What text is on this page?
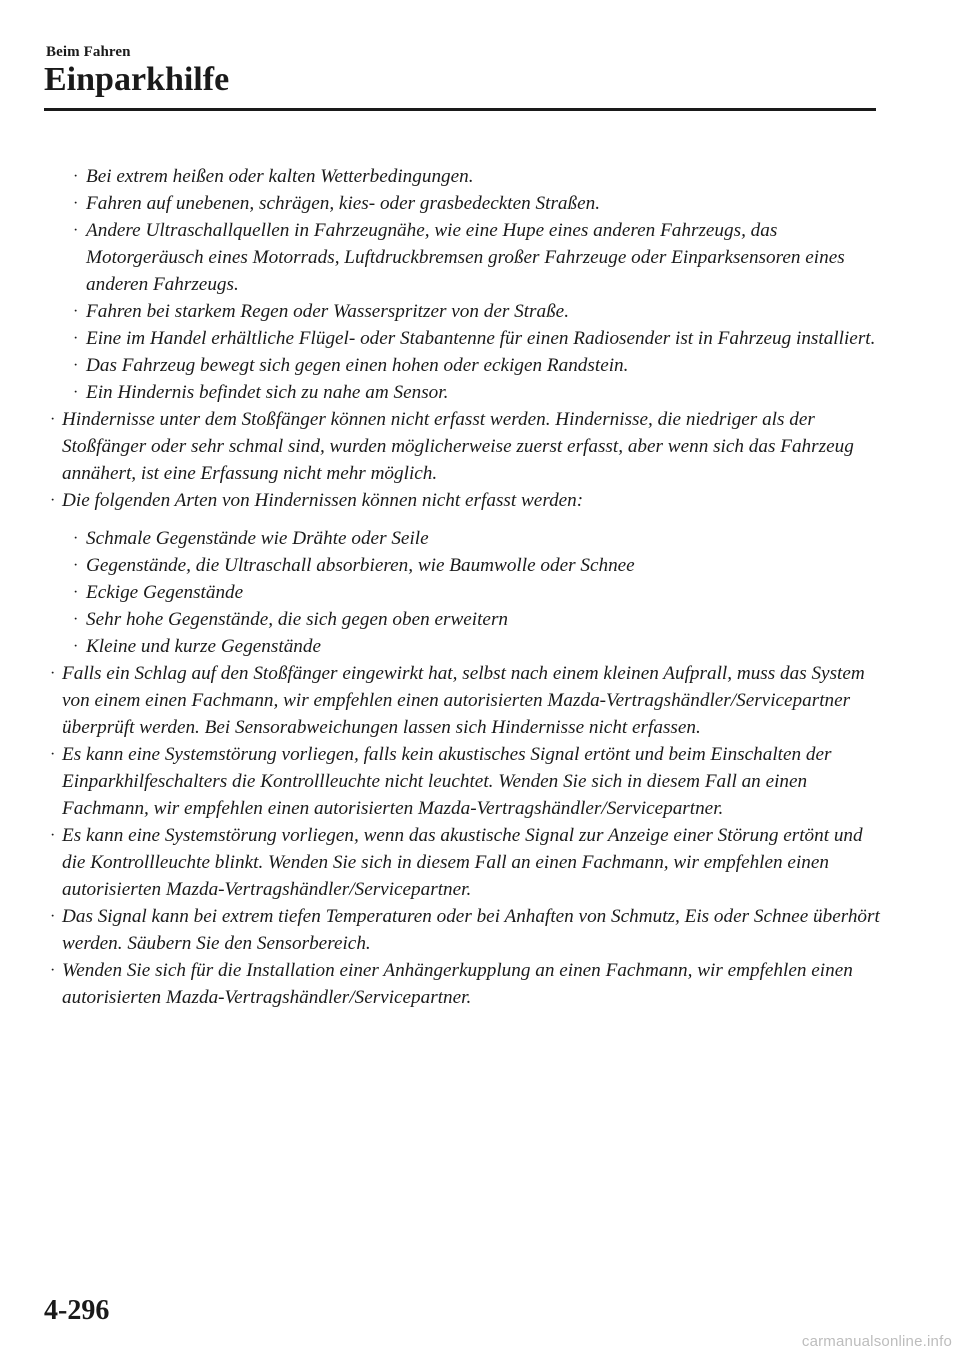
Beim Fahren
Einparkhilfe
· Bei extrem heißen oder kalten Wetterbedingungen.
· Fahren auf unebenen, schrägen, kies- oder grasbedeckten Straßen.
· Andere Ultraschallquellen in Fahrzeugnähe, wie eine Hupe eines anderen Fahrzeugs, das Motorgeräusch eines Motorrads, Luftdruckbremsen großer Fahrzeuge oder Einparksensoren eines anderen Fahrzeugs.
· Fahren bei starkem Regen oder Wasserspritzer von der Straße.
· Eine im Handel erhältliche Flügel- oder Stabantenne für einen Radiosender ist in Fahrzeug installiert.
· Das Fahrzeug bewegt sich gegen einen hohen oder eckigen Randstein.
· Ein Hindernis befindet sich zu nahe am Sensor.
· Hindernisse unter dem Stoßfänger können nicht erfasst werden. Hindernisse, die niedriger als der Stoßfänger oder sehr schmal sind, wurden möglicherweise zuerst erfasst, aber wenn sich das Fahrzeug annähert, ist eine Erfassung nicht mehr möglich.
· Die folgenden Arten von Hindernissen können nicht erfasst werden:
· Schmale Gegenstände wie Drähte oder Seile
· Gegenstände, die Ultraschall absorbieren, wie Baumwolle oder Schnee
· Eckige Gegenstände
· Sehr hohe Gegenstände, die sich gegen oben erweitern
· Kleine und kurze Gegenstände
· Falls ein Schlag auf den Stoßfänger eingewirkt hat, selbst nach einem kleinen Aufprall, muss das System von einem einen Fachmann, wir empfehlen einen autorisierten Mazda-Vertragshändler/Servicepartner überprüft werden. Bei Sensorabweichungen lassen sich Hindernisse nicht erfassen.
· Es kann eine Systemstörung vorliegen, falls kein akustisches Signal ertönt und beim Einschalten der Einparkhilfeschalters die Kontrollleuchte nicht leuchtet. Wenden Sie sich in diesem Fall an einen Fachmann, wir empfehlen einen autorisierten Mazda-Vertragshändler/Servicepartner.
· Es kann eine Systemstörung vorliegen, wenn das akustische Signal zur Anzeige einer Störung ertönt und die Kontrollleuchte blinkt. Wenden Sie sich in diesem Fall an einen Fachmann, wir empfehlen einen autorisierten Mazda-Vertragshändler/Servicepartner.
· Das Signal kann bei extrem tiefen Temperaturen oder bei Anhaften von Schmutz, Eis oder Schnee überhört werden. Säubern Sie den Sensorbereich.
· Wenden Sie sich für die Installation einer Anhängerkupplung an einen Fachmann, wir empfehlen einen autorisierten Mazda-Vertragshändler/Servicepartner.
4-296
carmanualsonline.info
